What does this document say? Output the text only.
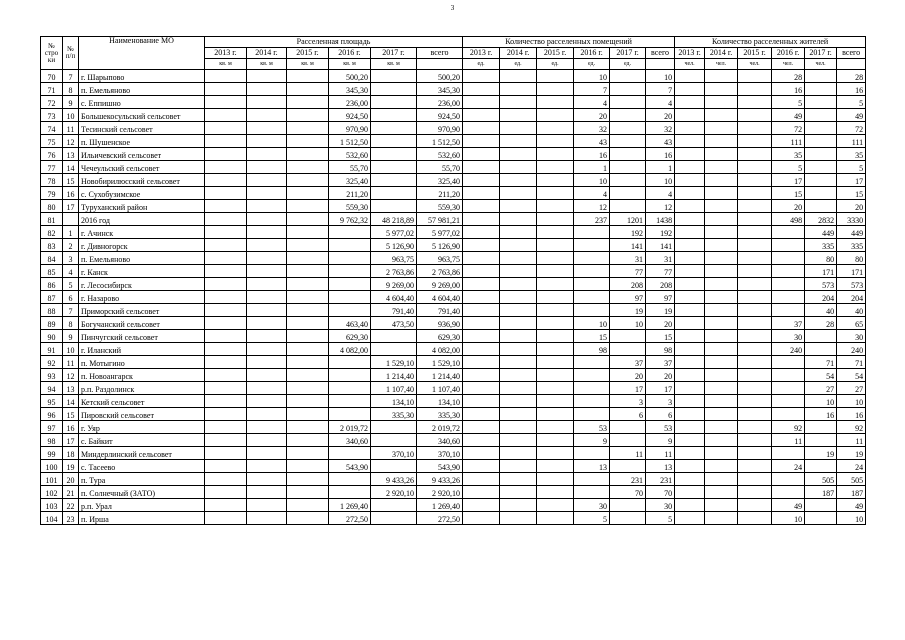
3
№ стро ки	№ п/п	Наименование МО	Расселенная площадь						Количество расселенных помещений						Количество расселенных жителей					
			2013 г.	2014 г.	2015 г.	2016 г.	2017 г.	всего	2013 г.	2014 г.	2015 г.	2016 г.	2017 г.	всего	2013 г.	2014 г.	2015 г.	2016 г.	2017 г.	всего
			кв. м	кв. м	кв. м	кв. м	кв. м		ед.	ед.	ед.	ед.	ед.		чел.	чел.	чел.	чел.	чел.	
70	7	г. Шарыпово				500,20		500,20				10		10				28		28
71	8	п. Емельяново				345,30		345,30				7		7				16		16
72	9	с. Еппишно				236,00		236,00				4		4				5		5
73	10	Большекосульский сельсовет				924,50		924,50				20		20				49		49
74	11	Тесинский сельсовет				970,90		970,90				32		32				72		72
75	12	п. Шушенское				1 512,50		1 512,50				43		43				111		111
76	13	Ильичевский сельсовет				532,60		532,60				16		16				35		35
77	14	Чечеульский сельсовет				55,70		55,70				1		1				5		5
78	15	Новобирилюсский сельсовет				325,40		325,40				10		10				17		17
79	16	с. Сухобузимское				211,20		211,20				4		4				15		15
80	17	Туруханский район				559,30		559,30				12		12				20		20
81		2016 год				9 762,32	48 218,89	57 981,21				237	1201	1438				498	2832	3330
82	1	г. Ачинск					5 977,02	5 977,02					192	192					449	449
83	2	г. Дивногорск					5 126,90	5 126,90					141	141					335	335
84	3	п. Емельяново					963,75	963,75					31	31					80	80
85	4	г. Канск					2 763,86	2 763,86					77	77					171	171
86	5	г. Лесосибирск					9 269,00	9 269,00					208	208					573	573
87	6	г. Назарово					4 604,40	4 604,40					97	97					204	204
88	7	Приморский сельсовет					791,40	791,40					19	19					40	40
89	8	Богучанский сельсовет				463,40	473,50	936,90				10	10	20				37	28	65
90	9	Пинчугский сельсовет				629,30		629,30				15		15				30		30
91	10	г. Иланский				4 082,00		4 082,00				98		98				240		240
92	11	п. Мотыгино					1 529,10	1 529,10					37	37					71	71
93	12	п. Новоангарск					1 214,40	1 214,40					20	20					54	54
94	13	р.п. Раздолинск					1 107,40	1 107,40					17	17					27	27
95	14	Кетский сельсовет					134,10	134,10					3	3					10	10
96	15	Пировский сельсовет					335,30	335,30					6	6					16	16
97	16	г. Уяр				2 019,72		2 019,72				53		53				92		92
98	17	с. Байкит				340,60		340,60				9		9				11		11
99	18	Миндерлинский сельсовет					370,10	370,10					11	11					19	19
100	19	с. Тасеево				543,90		543,90				13		13				24		24
101	20	п. Тура					9 433,26	9 433,26					231	231					505	505
102	21	п. Солнечный (ЗАТО)					2 920,10	2 920,10					70	70					187	187
103	22	р.п. Урал				1 269,40		1 269,40				30		30				49		49
104	23	п. Ирша				272,50		272,50				5		5				10		10
